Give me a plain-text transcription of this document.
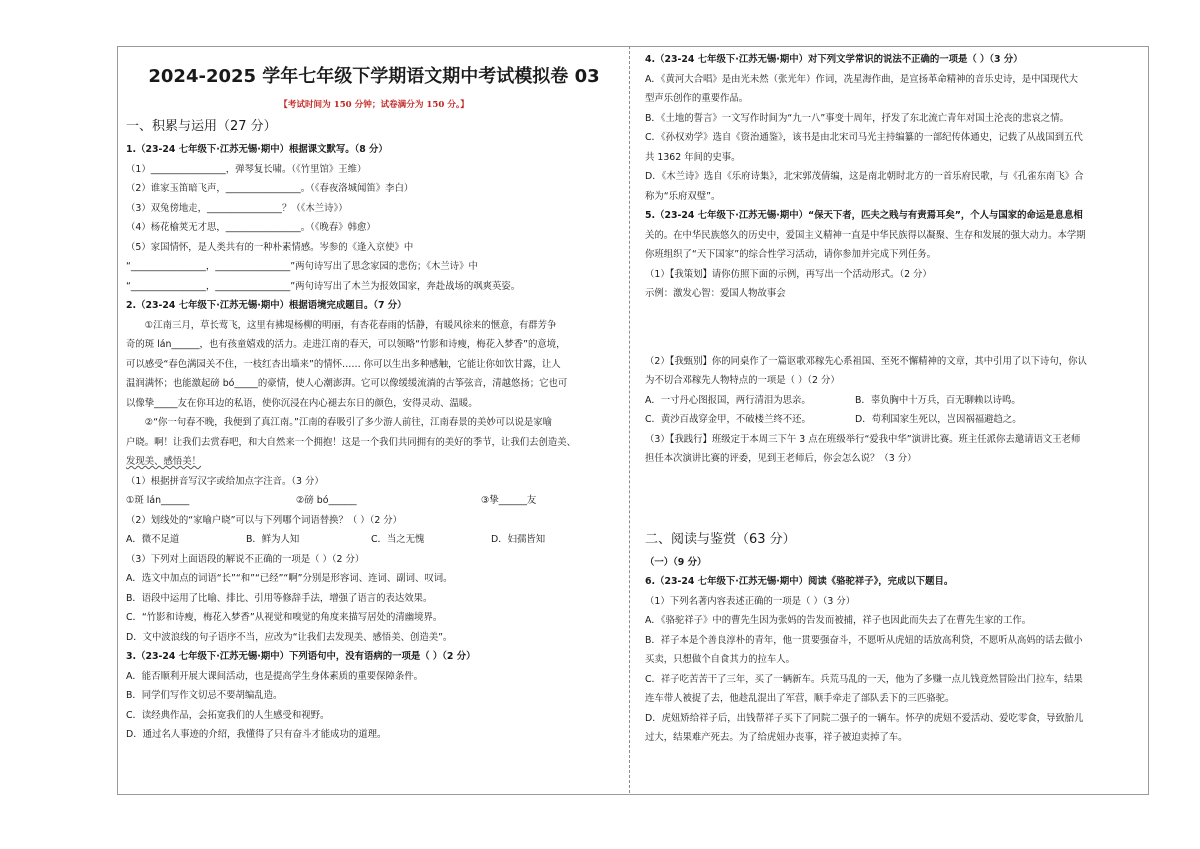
2024-2025 学年七年级下学期语文期中考试模拟卷 03
【考试时间为 150 分钟；试卷满分为 150 分。】
一、积累与运用（27 分）
1.（23-24 七年级下·江苏无锡·期中）根据课文默写。（8 分）
（1）________________，弹琴复长啸。（《竹里馆》王维）
（2）谁家玉笛暗飞声，________________。（《春夜洛城闻笛》李白）
（3）双兔傍地走，________________？（《木兰诗》）
（4）杨花榆荚无才思，________________。（《晚春》韩愈）
（5）家国情怀，是人类共有的一种朴素情感。岑参的《逢入京使》中
“________________，________________”两句诗写出了思念家园的悲伤；《木兰诗》中
“________________，________________”两句诗写出了木兰为报效国家，奔赴战场的飒爽英姿。
2.（23-24 七年级下·江苏无锡·期中）根据语境完成题目。（7 分）
①江南三月，草长莺飞，这里有拂堤杨柳的明丽，有杏花春雨的恬静，有暖风徐来的惬意，有群芳争
奇的斑 lán______，也有孩童嬉戏的活力。走进江南的春天，可以领略“竹影和诗瘦，梅花入梦香”的意境，
可以感受“春色满园关不住，一枝红杏出墙来”的情怀…… 你可以生出多种感触，它能让你如饮甘露，让人
温润满怀；也能激起磅 bó_____的豪情，使人心潮澎湃。它可以像缓缓流淌的古筝弦音，清越悠扬；它也可
以像挚_____友在你耳边的私语，使你沉浸在内心褪去东日的颜色，安得灵动、温暖。
②“你一句春不晚，我便到了真江南。”江南的春吸引了多少游人前往，江南春景的美妙可以说是家喻
户晓。啊！让我们去赏春吧，和大自然来一个拥抱！这是一个我们共同拥有的美好的季节，让我们去创造美、
发现美、感悟美！
（1）根据拼音写汉字或给加点字注音。（3 分）
①斑 lán______	②磅 bó______	③挚______友
（2）划线处的“家喻户晓”可以与下列哪个词语替换？（ ）（2 分）
A．微不足道	B．鲜为人知	C．当之无愧	D．妇孺皆知
（3）下列对上面语段的解说不正确的一项是（ ）（2 分）
A．选文中加点的词语“长”“和”“已经”“啊”分别是形容词、连词、副词、叹词。
B．语段中运用了比喻、排比、引用等修辞手法，增强了语言的表达效果。
C．“竹影和诗瘦，梅花入梦香”从视觉和嗅觉的角度来描写居处的清幽境界。
D．文中波浪线的句子语序不当，应改为“让我们去发现美、感悟美、创造美”。
3.（23-24 七年级下·江苏无锡·期中）下列语句中，没有语病的一项是（ ）（2 分）
A．能否顺利开展大课间活动，也是提高学生身体素质的重要保障条件。
B．同学们写作文切忌不要胡编乱造。
C．读经典作品，会拓宽我们的人生感受和视野。
D．通过名人事迹的介绍，我懂得了只有奋斗才能成功的道理。
4.（23-24 七年级下·江苏无锡·期中）对下列文学常识的说法不正确的一项是（ ）（3 分）
A．《黄河大合唱》是由光未然（张光年）作词，冼星海作曲，是宣扬革命精神的音乐史诗，是中国现代大
型声乐创作的重要作品。
B．《土地的誓言》一文写作时间为“九一八”事变十周年，抒发了东北流亡青年对国土沦丧的悲哀之情。
C．《孙权劝学》选自《资治通鉴》，该书是由北宋司马光主持编纂的一部纪传体通史，记载了从战国到五代
共 1362 年间的史事。
D．《木兰诗》选自《乐府诗集》，北宋郭茂倩编，这是南北朝时北方的一首乐府民歌，与《孔雀东南飞》合
称为“乐府双璧”。
5.（23-24 七年级下·江苏无锡·期中）“保天下者，匹夫之贱与有责焉耳矣”，个人与国家的命运是息息相
关的。在中华民族悠久的历史中，爱国主义精神一直是中华民族得以凝聚、生存和发展的强大动力。本学期
你班组织了“天下国家”的综合性学习活动，请你参加并完成下列任务。
（1）【我策划】请你仿照下面的示例，再写出一个活动形式。（2 分）
示例：激发心智：爱国人物故事会
（2）【我甄别】你的同桌作了一篇讴歌邓稼先心系祖国、至死不懈精神的文章，其中引用了以下诗句，你认
为不切合邓稼先人物特点的一项是（ ）（2 分）
A．一寸丹心图报国，两行清泪为思亲。	B．辜负胸中十万兵，百无聊赖以诗鸣。
C．黄沙百战穿金甲，不破楼兰终不还。	D．苟利国家生死以，岂因祸福避趋之。
（3）【我践行】班级定于本周三下午 3 点在班级举行“爱我中华”演讲比赛。班主任派你去邀请语文王老师
担任本次演讲比赛的评委，见到王老师后，你会怎么说？（3 分）
二、阅读与鉴赏（63 分）
（一）（9 分）
6.（23-24 七年级下·江苏无锡·期中）阅读《骆驼祥子》，完成以下题目。
（1）下列名著内容表述正确的一项是（ ）（3 分）
A．《骆驼祥子》中的曹先生因为张妈的告发而被捕，祥子也因此而失去了在曹先生家的工作。
B．祥子本是个善良淳朴的青年，他一贯要强奋斗，不愿听从虎妞的话放高利贷，不愿听从高妈的话去做小
买卖，只想做个自食其力的拉车人。
C．祥子吃苦苦干了三年，买了一辆新车。兵荒马乱的一天，他为了多赚一点儿钱竟然冒险出门拉车，结果
连车带人被捉了去，他趁乱混出了军营，顺手牵走了部队丢下的三匹骆驼。
D．虎妞矫给祥子后，出钱帮祥子买下了同院二强子的一辆车。怀孕的虎妞不爱活动、爱吃零食，导致胎儿
过大，结果难产死去。为了给虎妞办丧事，祥子被迫卖掉了车。
